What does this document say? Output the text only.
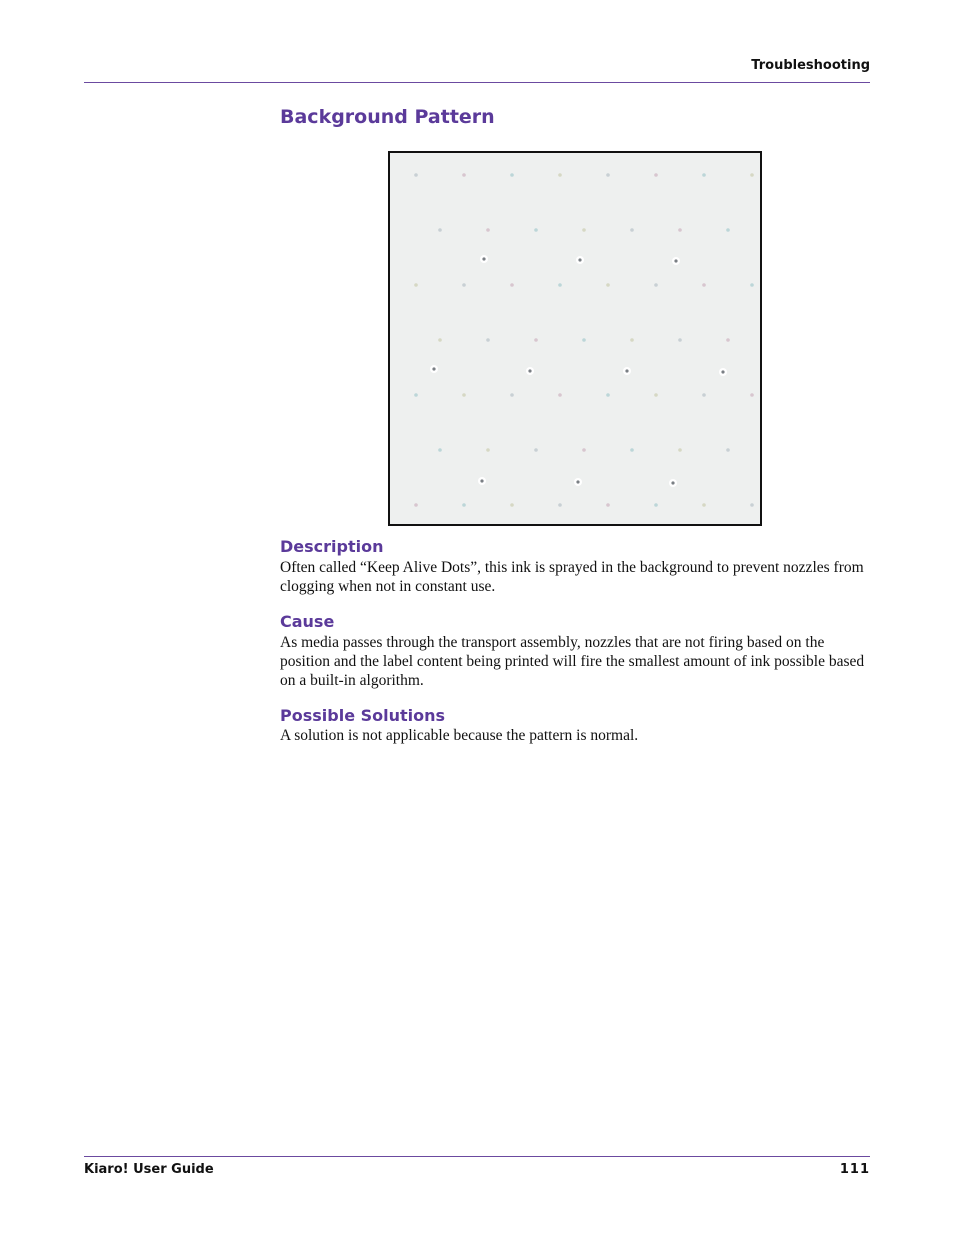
Troubleshooting
Background Pattern
Description

Often called “Keep Alive Dots”, this ink is sprayed in the background to prevent nozzles from clogging when not in constant use.

Cause

As media passes through the transport assembly, nozzles that are not firing based on the position and the label content being printed will fire the smallest amount of ink possible based on a built-in algorithm.

Possible Solutions

A solution is not applicable because the pattern is normal.

Kiaro! User Guide	111
